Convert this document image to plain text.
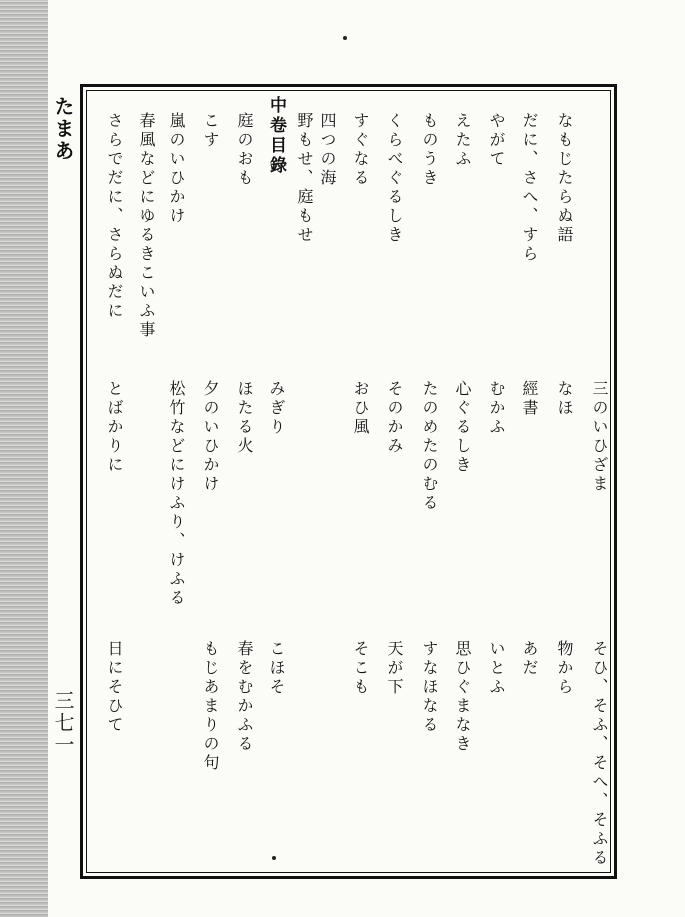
たまあ
三七一
三のいひざま
そひ、そふ、そへ、そふる
なもじたらぬ語
だに、さへ、すら
なほ
物から
やがて
經書
あだ
えたふ
むかふ
いとふ
ものうき
心ぐるしき
思ひぐまなき
くらべぐるしき
たのめたのむる
すなほなる
すぐなる
そのかみ
天が下
四つの海
おひ風
そこも
野もせ、庭もせ
中卷目錄
庭のおも
みぎり
こほそ
こす
ほたる火
春をむかふる
嵐のいひかけ
夕のいひかけ
もじあまりの句
春風などにゆるきこいふ事
松竹などにけふり、けふる
さらでだに、さらぬだに
とばかりに
日にそひて
